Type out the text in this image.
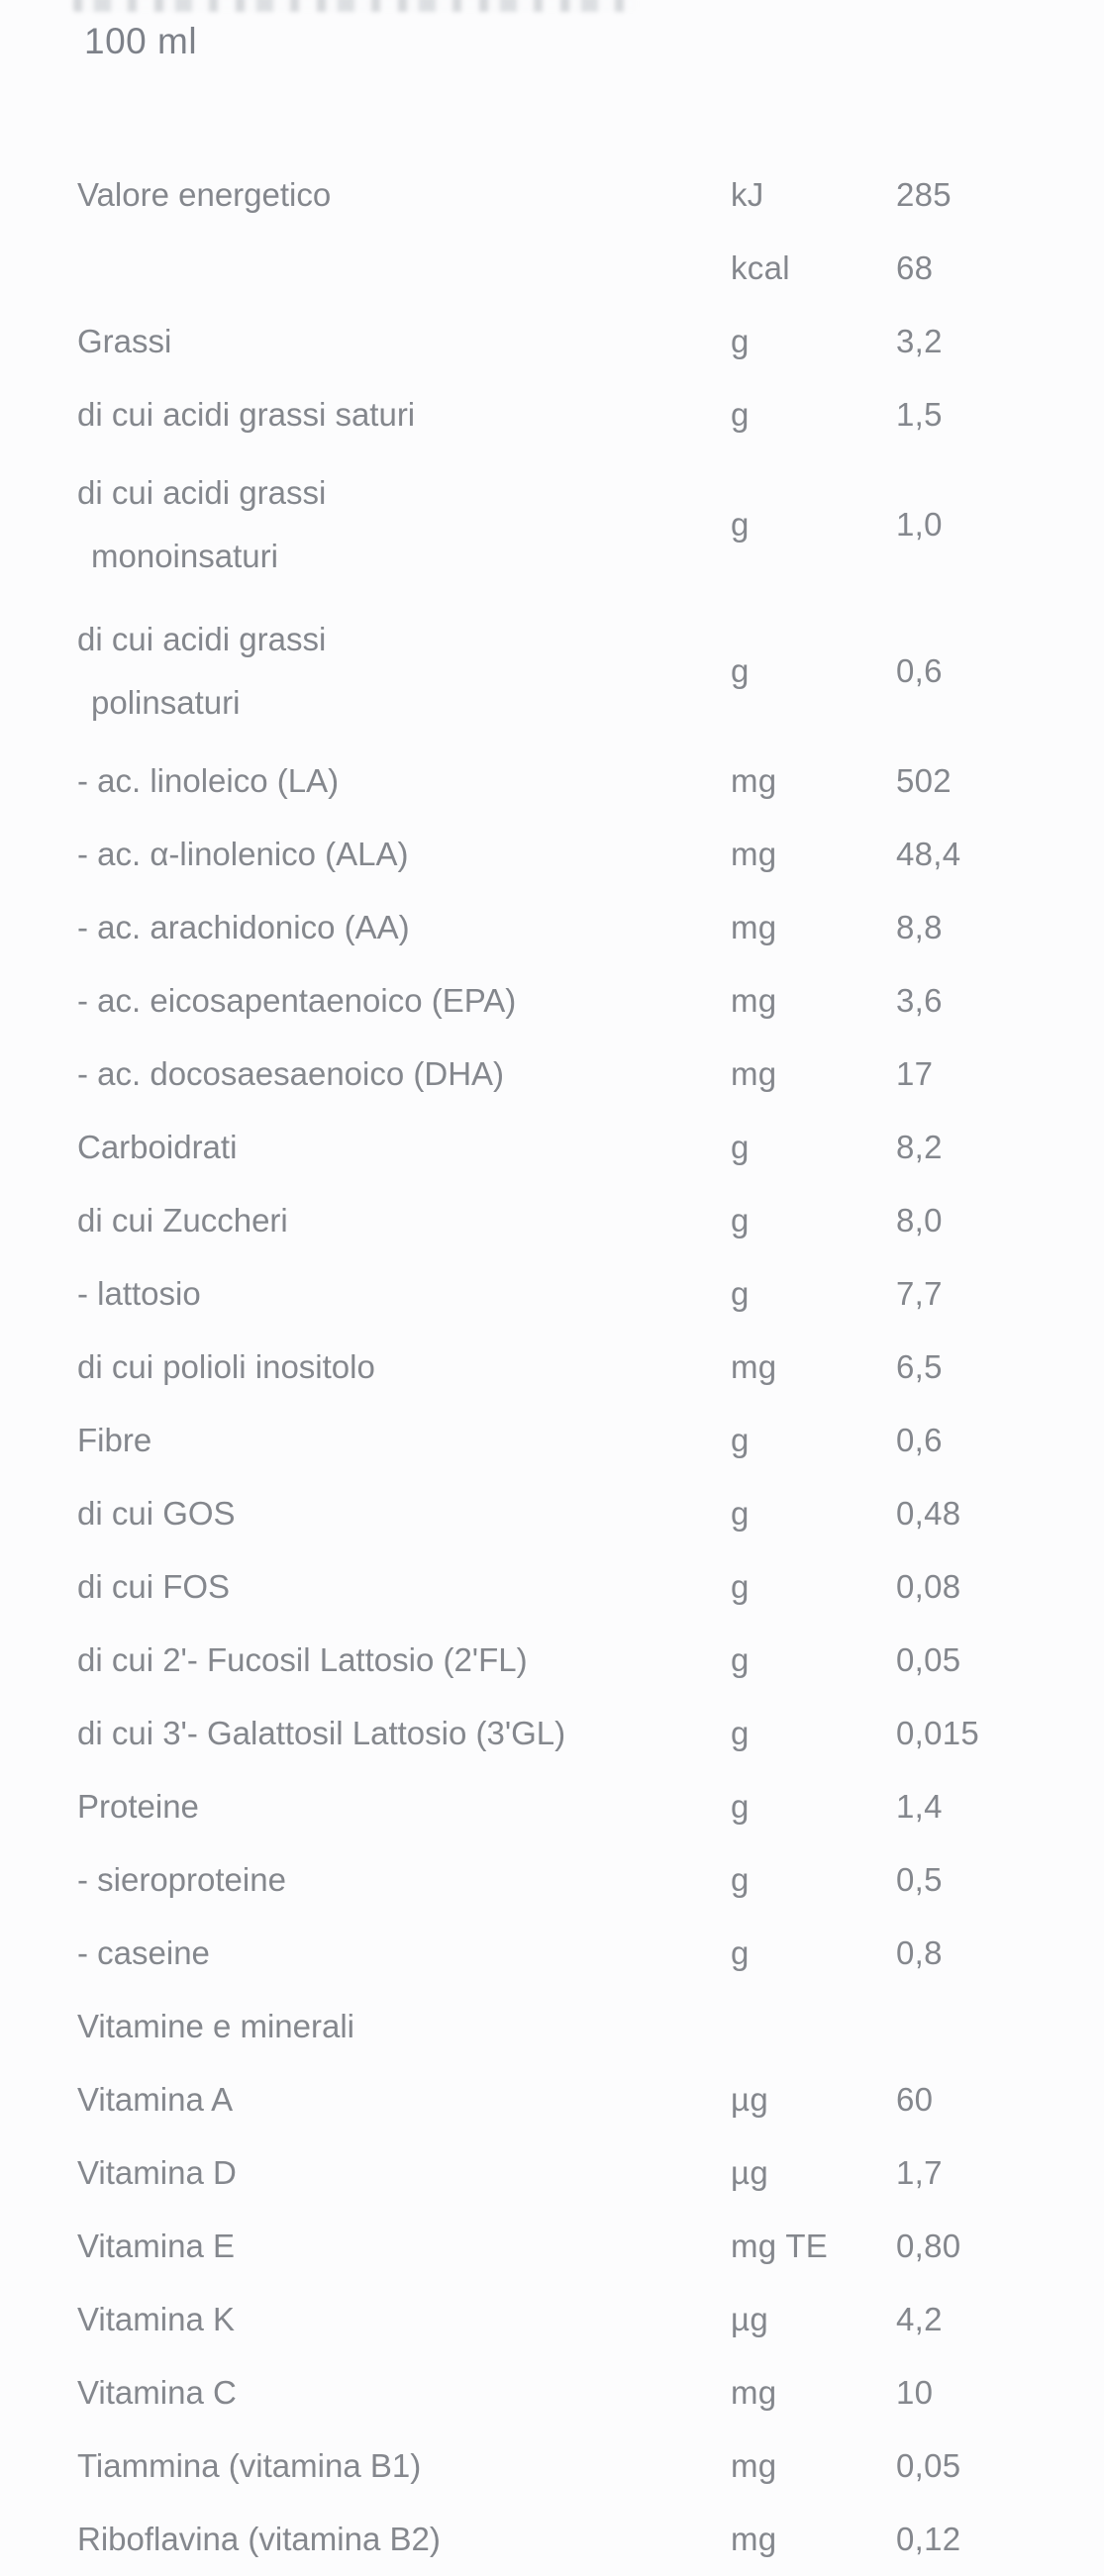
100 ml
Valore energetico	kJ	285
kcal	68
Grassi	g	3,2
di cui acidi grassi saturi	g	1,5
di cui acidi grassi
monoinsaturi
g	1,0
di cui acidi grassi
polinsaturi
g	0,6
- ac. linoleico (LA)	mg	502
- ac. α-linolenico (ALA)	mg	48,4
- ac. arachidonico (AA)	mg	8,8
- ac. eicosapentaenoico (EPA)	mg	3,6
- ac. docosaesaenoico (DHA)	mg	17
Carboidrati	g	8,2
di cui Zuccheri	g	8,0
- lattosio	g	7,7
di cui polioli inositolo	mg	6,5
Fibre	g	0,6
di cui GOS	g	0,48
di cui FOS	g	0,08
di cui 2'- Fucosil Lattosio (2'FL)	g	0,05
di cui 3'- Galattosil Lattosio (3'GL)	g	0,015
Proteine	g	1,4
- sieroproteine	g	0,5
- caseine	g	0,8
Vitamine e minerali
Vitamina A	µg	60
Vitamina D	µg	1,7
Vitamina E	mg TE	0,80
Vitamina K	µg	4,2
Vitamina C	mg	10
Tiammina (vitamina B1)	mg	0,05
Riboflavina (vitamina B2)	mg	0,12
